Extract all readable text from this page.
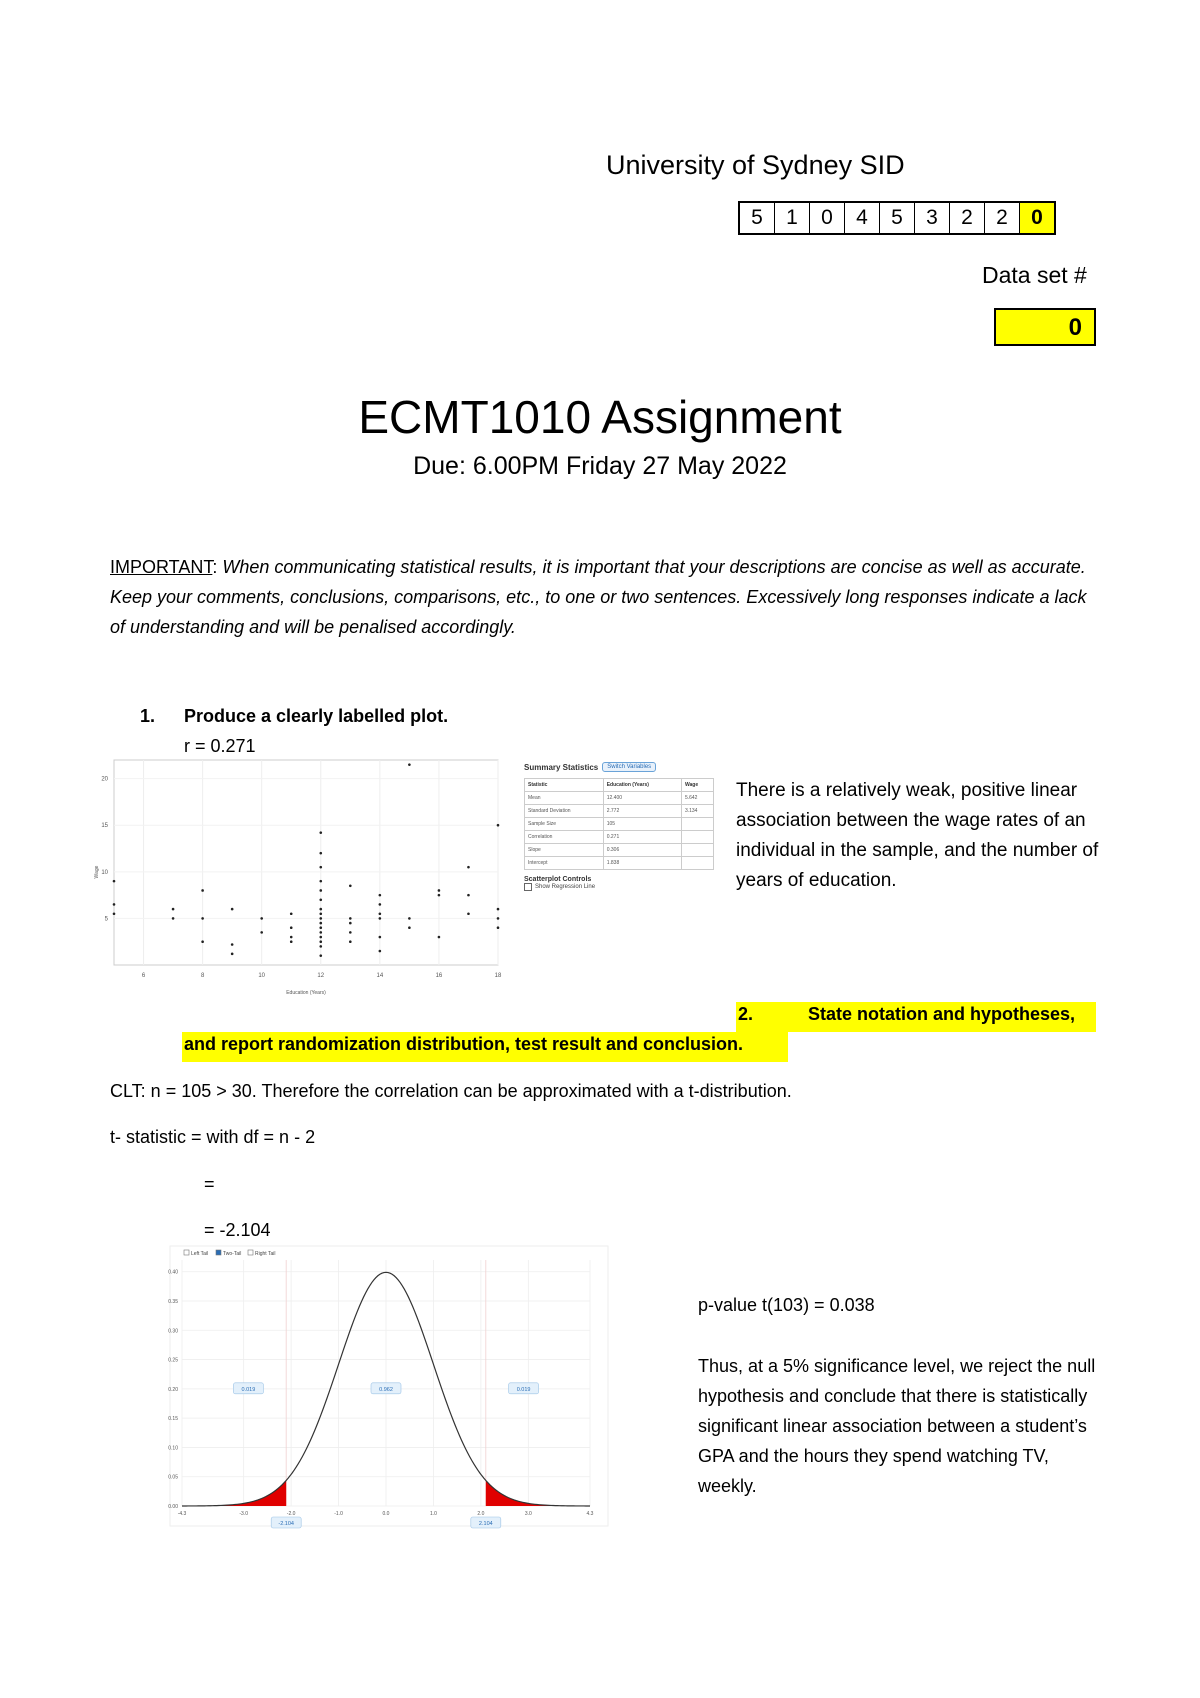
University of Sydney SID
5	1	0	4	5	3	2	2	0
Data set #
0
ECMT1010 Assignment
Due: 6.00PM Friday 27 May 2022
IMPORTANT: When communicating statistical results, it is important that your descriptions are concise as well as accurate. Keep your comments, conclusions, comparisons, etc., to one or two sentences. Excessively long responses indicate a lack of understanding and will be penalised accordingly.
1. Produce a clearly labelled plot.
r = 0.271
6	8	10	12	14	16	18
5
10
15
20
Education (Years)
Wage
Summary Statistics	Switch Variables
Statistic	Education (Years)	Wage
Mean	12.400	5.642
Standard Deviation	2.772	3.134
Sample Size	105	
Correlation	0.271	
Slope	0.306	
Intercept	1.838	
Scatterplot Controls
Show Regression Line
There is a relatively weak, positive linear association between the wage rates of an individual in the sample, and the number of years of education.
2.	State notation and hypotheses,
and report randomization distribution, test result and conclusion.
CLT: n = 105 > 30. Therefore the correlation can be approximated with a t-distribution.
t- statistic = with df = n - 2
=
= -2.104
Left Tail	Two-Tail	Right Tail
0.00
0.05
0.10
0.15
0.20
0.25
0.30
0.35
0.40
-4.3	-3.0	-2.0	-1.0	0.0	1.0	2.0	3.0	4.3
0.019	0.962	0.019
-2.104	2.104
p-value t(103) = 0.038
Thus, at a 5% significance level, we reject the null hypothesis and conclude that there is statistically significant linear association between a student’s GPA and the hours they spend watching TV, weekly.
